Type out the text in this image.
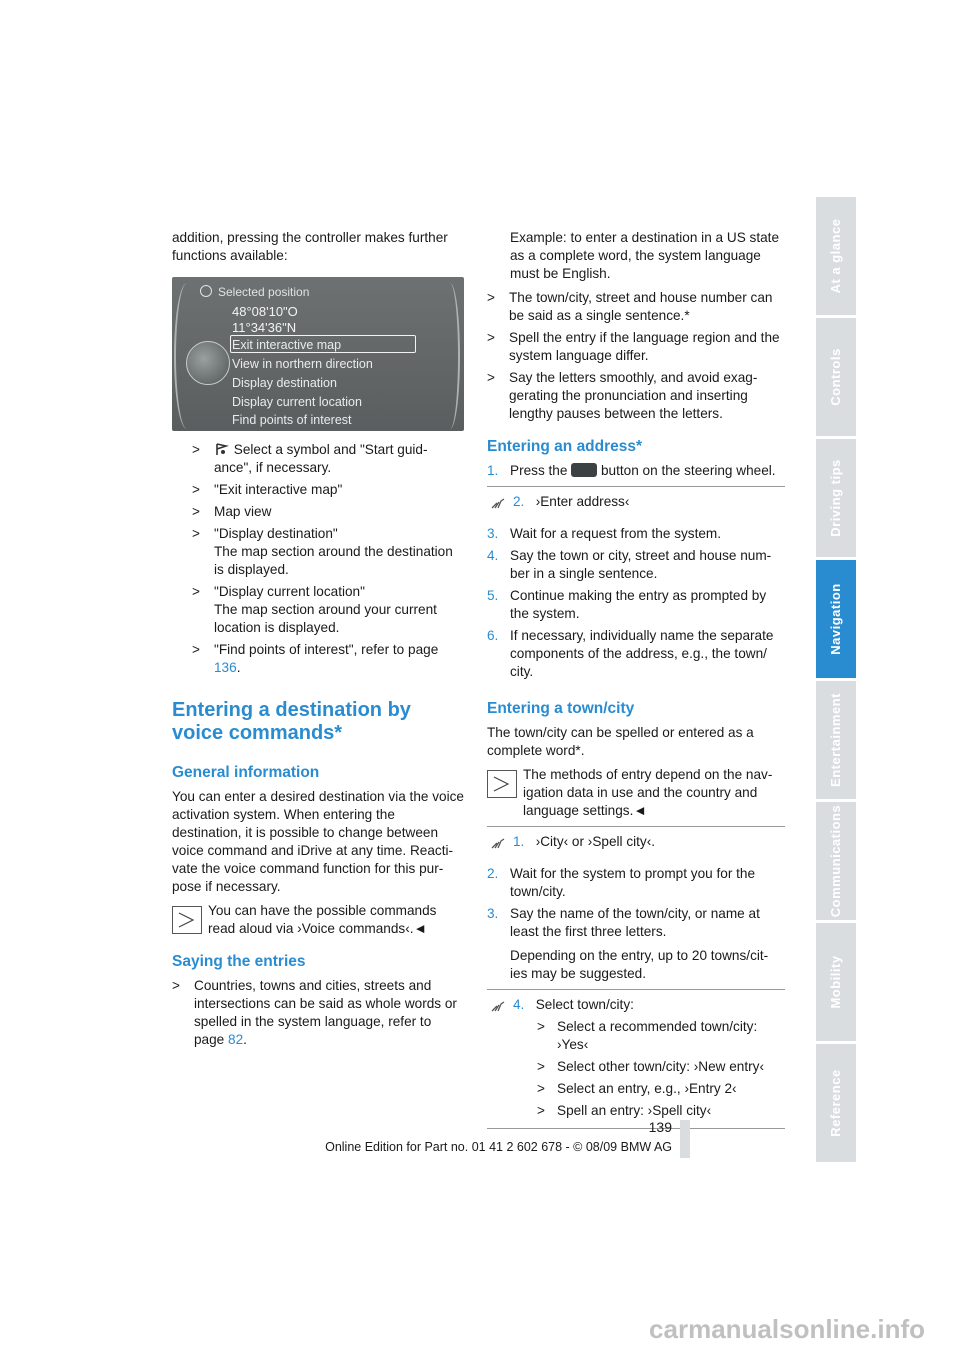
addition, pressing the controller makes further functions available:

Selected position
48°08'10"O
11°34'36"N
Exit interactive map
View in northern direction
Display destination
Display current location
Find points of interest
> Select a symbol and "Start guid-ance", if necessary.
> "Exit interactive map"
> Map view
> "Display destination"
The map section around the destination is displayed.
> "Display current location"
The map section around your current location is displayed.
> "Find points of interest", refer to page 136.
Entering a destination by voice commands*
General information

You can enter a desired destination via the voice activation system. When entering the destination, it is possible to change between voice command and iDrive at any time. Reacti-vate the voice command function for this pur-pose if necessary.

You can have the possible commands read aloud via ›Voice commands‹.◄
Saying the entries
> Countries, towns and cities, streets and intersections can be said as whole words or spelled in the system language, refer to page 82.

Example: to enter a destination in a US state as a complete word, the system language must be English.

> The town/city, street and house number can be said as a single sentence.*
> Spell the entry if the language region and the system language differ.
> Say the letters smoothly, and avoid exag-gerating the pronunciation and inserting lengthy pauses between the letters.
Entering an address*
1. Press the button on the steering wheel.
2. ›Enter address‹
3. Wait for a request from the system.
4. Say the town or city, street and house num-ber in a single sentence.
5. Continue making the entry as prompted by the system.
6. If necessary, individually name the separate components of the address, e.g., the town/ city.
Entering a town/city

The town/city can be spelled or entered as a complete word*.

The methods of entry depend on the nav-igation data in use and the country and language settings.◄
1. ›City‹ or ›Spell city‹.
2. Wait for the system to prompt you for the town/city.
3. Say the name of the town/city, or name at least the first three letters.

Depending on the entry, up to 20 towns/cit-ies may be suggested.
4. Select town/city:
> Select a recommended town/city: ›Yes‹
> Select other town/city: ›New entry‹
> Select an entry, e.g., ›Entry 2‹
> Spell an entry: ›Spell city‹
At a glance
Controls
Driving tips
Navigation
Entertainment
Communications
Mobility
Reference
139
Online Edition for Part no. 01 41 2 602 678 - © 08/09 BMW AG
carmanualsonline.info
